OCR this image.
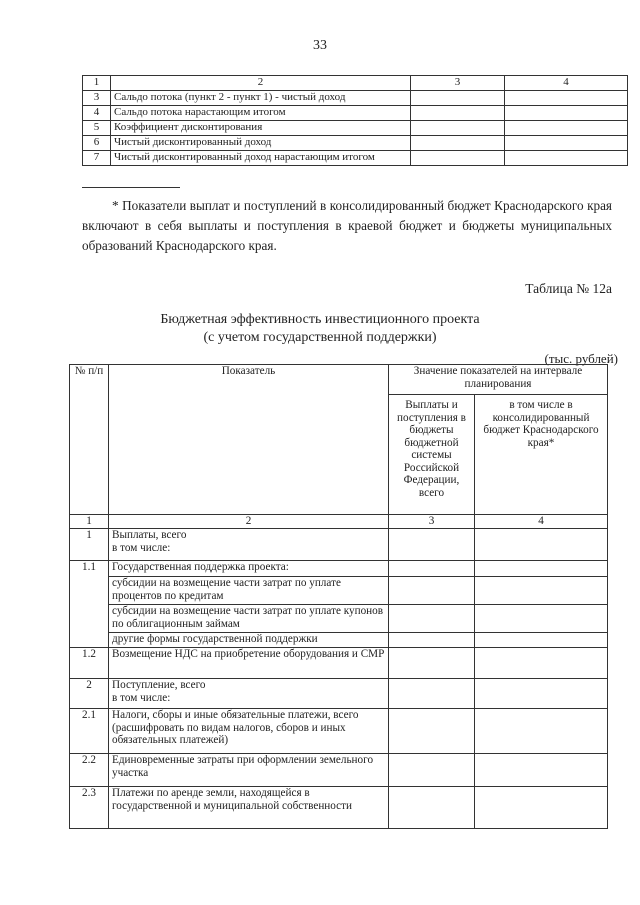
33
1	2	3	4
3	Сальдо потока (пункт 2 - пункт 1) - чистый доход		
4	Сальдо потока нарастающим итогом		
5	Коэффициент дисконтирования		
6	Чистый дисконтированный доход		
7	Чистый дисконтированный доход нарастающим итогом		
* Показатели выплат и поступлений в консолидированный бюджет Краснодарского края включают в себя выплаты и поступления в краевой бюджет и бюджеты муниципальных образований Краснодарского края.
Таблица № 12а
Бюджетная эффективность инвестиционного проекта
(с учетом государственной поддержки)
(тыс. рублей)
№ п/п	Показатель	Значение показателей на интервале планирования	
		Выплаты и поступления в бюджеты бюджетной системы Российской Федерации, всего	в том числе в консолидированный бюджет Краснодарского края*
1	2	3	4
1	Выплаты, всего
в том числе:		
1.1	Государственная поддержка проекта:		
	субсидии на возмещение части затрат по уплате процентов по кредитам		
	субсидии на возмещение части затрат по уплате купонов по облигационным займам		
	другие формы государственной поддержки		
1.2	Возмещение НДС на приобретение оборудования и СМР		
2	Поступление, всего
в том числе:		
2.1	Налоги, сборы и иные обязательные платежи, всего (расшифровать по видам налогов, сборов и иных обязательных платежей)		
2.2	Единовременные затраты при оформлении земельного участка		
2.3	Платежи по аренде земли, находящейся в государственной и муниципальной собственности		
